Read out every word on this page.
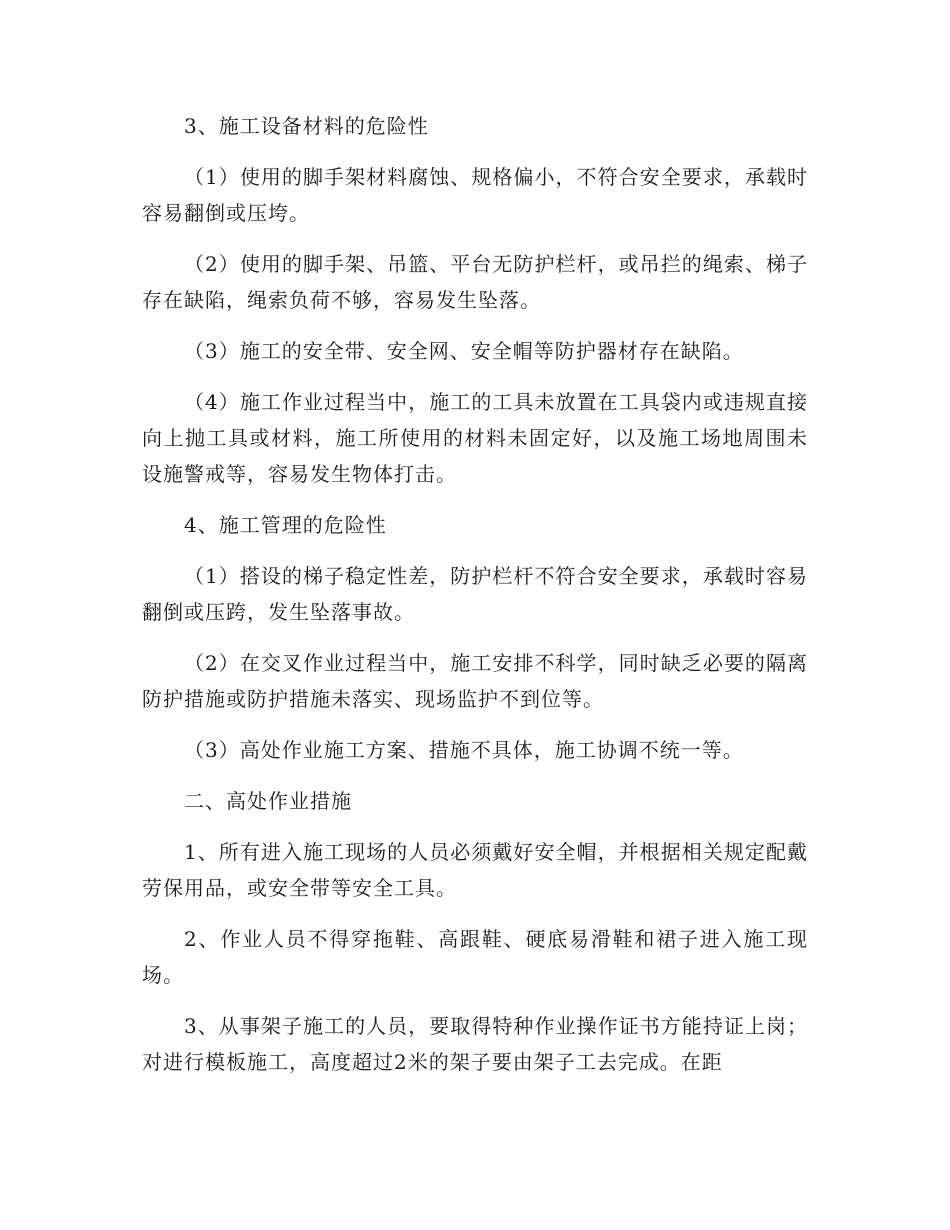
3、施工设备材料的危险性

（1）使用的脚手架材料腐蚀、规格偏小，不符合安全要求，承载时容易翻倒或压垮。

（2）使用的脚手架、吊篮、平台无防护栏杆，或吊拦的绳索、梯子存在缺陷，绳索负荷不够，容易发生坠落。

（3）施工的安全带、安全网、安全帽等防护器材存在缺陷。

（4）施工作业过程当中，施工的工具未放置在工具袋内或违规直接向上抛工具或材料，施工所使用的材料未固定好，以及施工场地周围未设施警戒等，容易发生物体打击。

4、施工管理的危险性

（1）搭设的梯子稳定性差，防护栏杆不符合安全要求，承载时容易翻倒或压跨，发生坠落事故。

（2）在交叉作业过程当中，施工安排不科学，同时缺乏必要的隔离防护措施或防护措施未落实、现场监护不到位等。

（3）高处作业施工方案、措施不具体，施工协调不统一等。

二、高处作业措施

1、所有进入施工现场的人员必须戴好安全帽，并根据相关规定配戴劳保用品，或安全带等安全工具。

2、作业人员不得穿拖鞋、高跟鞋、硬底易滑鞋和裙子进入施工现场。

3、从事架子施工的人员，要取得特种作业操作证书方能持证上岗；对进行模板施工，高度超过2米的架子要由架子工去完成。在距
